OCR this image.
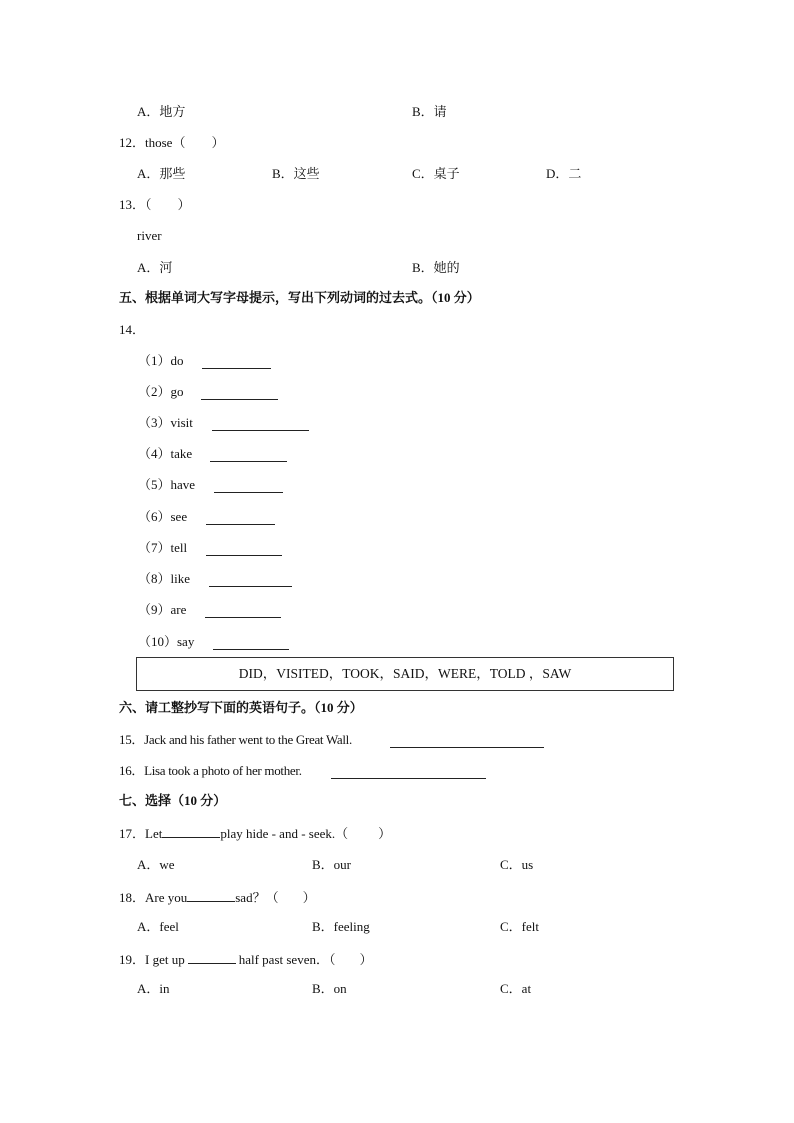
A．地方	B．请
12．those（　　）
A．那些	B．这些	C．桌子	D．二
13．（　　）
river
A．河	B．她的
五、根据单词大写字母提示，写出下列动词的过去式。（10 分）
14．
（1）do
（2）go
（3）visit
（4）take
（5）have
（6）see
（7）tell
（8）like
（9）are
（10）say
DID，VISITED，TOOK，SAID，WERE，TOLD ，SAW
六、请工整抄写下面的英语句子。（10 分）
15．Jack and his father went to the Great Wall.
16．Lisa took a photo of her mother.
七、选择（10 分）
17．Let	play hide - and - seek.（ ）
A．we	B．our	C．us
18．Are you	sad？（ ）
A．feel	B．feeling	C．felt
19．I get up	half past seven．（ ）
A．in	B．on	C．at
